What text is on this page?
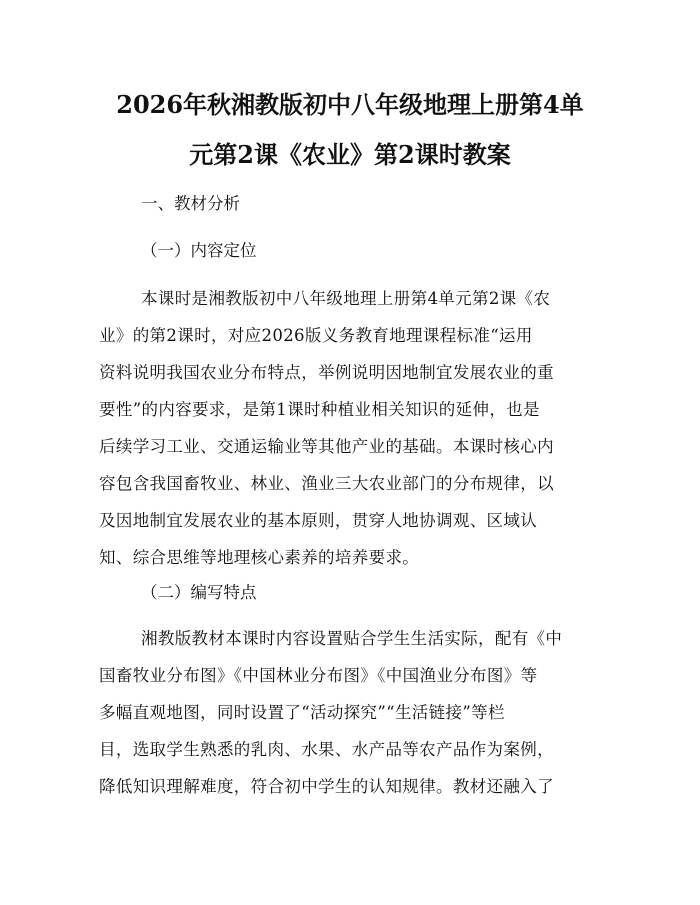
2026年秋湘教版初中八年级地理上册第4单
元第2课《农业》第2课时教案
一、教材分析
（一）内容定位
本课时是湘教版初中八年级地理上册第4单元第2课《农
业》的第2课时，对应2026版义务教育地理课程标准“运用
资料说明我国农业分布特点，举例说明因地制宜发展农业的重
要性”的内容要求，是第1课时种植业相关知识的延伸，也是
后续学习工业、交通运输业等其他产业的基础。本课时核心内
容包含我国畜牧业、林业、渔业三大农业部门的分布规律，以
及因地制宜发展农业的基本原则，贯穿人地协调观、区域认
知、综合思维等地理核心素养的培养要求。
（二）编写特点
湘教版教材本课时内容设置贴合学生生活实际，配有《中
国畜牧业分布图》《中国林业分布图》《中国渔业分布图》等
多幅直观地图，同时设置了“活动探究”“生活链接”等栏
目，选取学生熟悉的乳肉、水果、水产品等农产品作为案例，
降低知识理解难度，符合初中学生的认知规律。教材还融入了
